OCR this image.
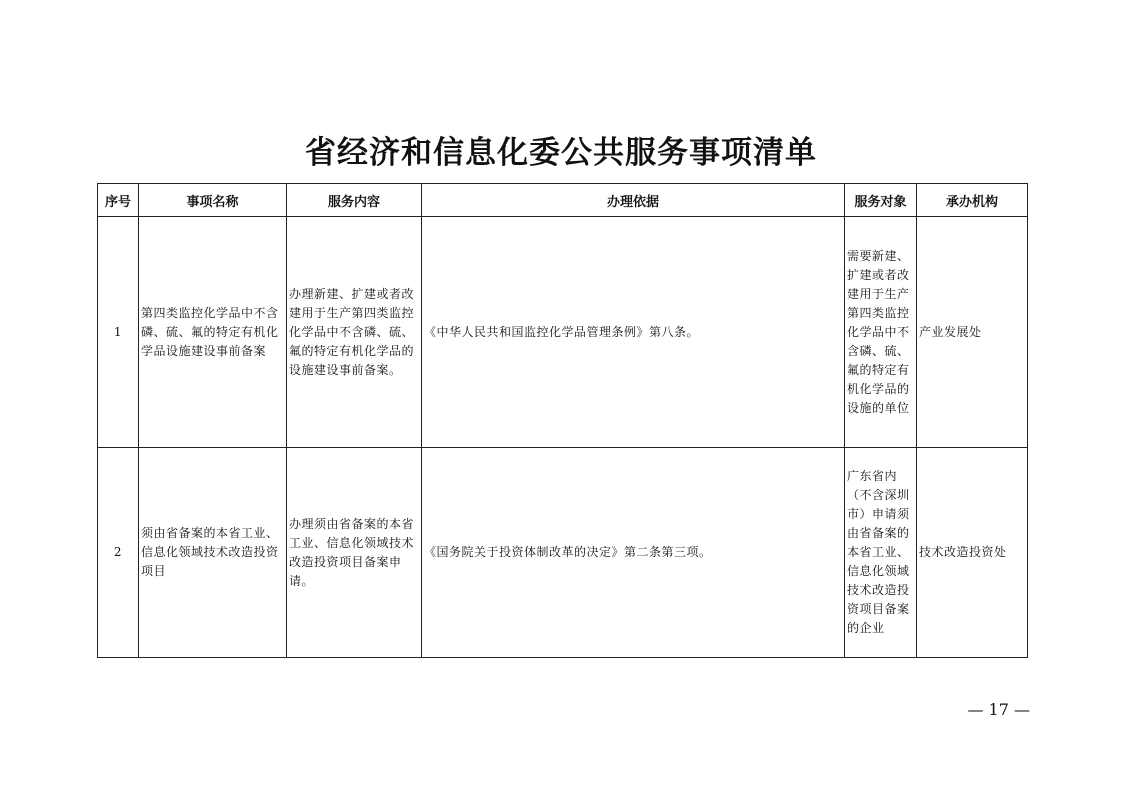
省经济和信息化委公共服务事项清单
序号	事项名称	服务内容	办理依据	服务对象	承办机构
1	第四类监控化学品中不含磷、硫、氟的特定有机化学品设施建设事前备案	办理新建、扩建或者改建用于生产第四类监控化学品中不含磷、硫、氟的特定有机化学品的设施建设事前备案。	《中华人民共和国监控化学品管理条例》第八条。	需要新建、扩建或者改建用于生产第四类监控化学品中不含磷、硫、氟的特定有机化学品的设施的单位	产业发展处
2	须由省备案的本省工业、信息化领域技术改造投资项目	办理须由省备案的本省工业、信息化领域技术改造投资项目备案申请。	《国务院关于投资体制改革的决定》第二条第三项。	广东省内（不含深圳市）申请须由省备案的本省工业、信息化领域技术改造投资项目备案的企业	技术改造投资处
— 17 —
